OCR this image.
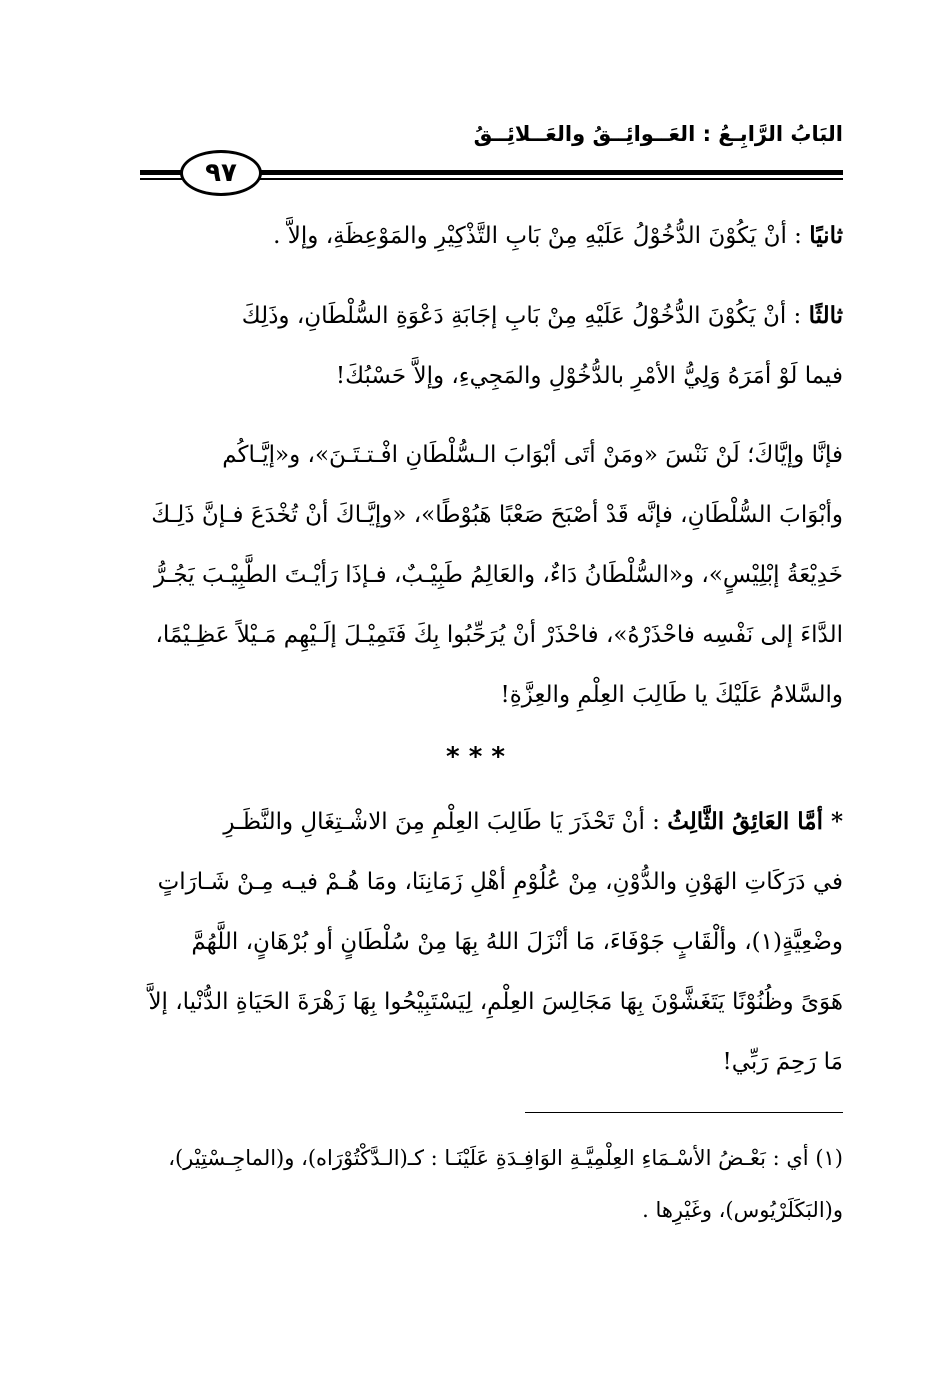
البَابُ الرَّابِـعُ : العَــوائِــقُ والعَــلائِــقُ
٩٧
ثانيًا : أنْ يَكُوْنَ الدُّخُوْلُ عَلَيْهِ مِنْ بَابِ التَّذْكِيْرِ والمَوْعِظَةِ، وإلاَّ .
ثالثًا : أنْ يَكُوْنَ الدُّخُوْلُ عَلَيْهِ مِنْ بَابِ إجَابَةِ دَعْوَةِ السُّلْطَانِ، وذَلِكَ
فيما لَوْ أمَرَهُ وَلِيُّ الأمْرِ بالدُّخُوْلِ والمَجِيءِ، وإلاَّ حَسْبُكَ!
فإنَّا وإيَّاكَ؛ لَنْ نَنْسَ «ومَنْ أتَى أبْوَابَ الـسُّلْطَانِ افْـتـتَـنَ»، و«إيَّـاكُم
وأبْوَابَ السُّلْطَانِ، فإنَّه قَدْ أصْبَحَ صَعْبًا هَبُوْطًا»، «وإيَّـاكَ أنْ تُخْدَعَ فـإنَّ ذَلِـكَ
خَدِيْعَةُ إبْلِيْسٍ»، و«السُّلْطَانُ دَاءٌ، والعَالِمُ طَبِيْـبٌ، فـإذَا رَأيْـتَ الطَّبِيْـبَ يَجُـرُّ
الدَّاءَ إلى نَفْسِه فاحْذَرْهُ»، فاحْذَرْ أنْ يُرَحِّبُوا بِكَ فَتَمِيْـلَ إلَـيْهِم مَـيْلاً عَظِـيْمًا،
والسَّلامُ عَلَيْكَ يا طَالِبَ العِلْمِ والعِزَّةِ!
* * *
* أمَّا العَائِقُ الثَّالِثُ : أنْ تَحْذَرَ يَا طَالِبَ العِلْمِ مِنَ الاشْـتِغَالِ والنَّظَـرِ
في دَرَكَاتِ الهَوْنِ والدُّوْنِ، مِنْ عُلُوْمِ أهْلِ زَمَانِنَا، ومَا هُـمْ فيـه مِـنْ شَـارَاتٍ
وضْعِيَّةٍ(١)، وألْقَابٍ جَوْفَاءَ، مَا أنْزَلَ اللهُ بِهَا مِنْ سُلْطَانٍ أو بُرْهَانٍ، اللَّهُمَّ
هَوَىً وظُنُوْنًا يَتَغَشَّوْنَ بِهَا مَجَالِسَ العِلْمِ، لِيَسْتَبِيْحُوا بِهَا زَهْرَةَ الحَيَاةِ الدُّنْيا، إلاَّ
مَا رَحِمَ رَبِّي!
(١) أي : بَعْـضُ الأسْـمَاءِ العِلْمِيَّـةِ الوَافِـدَةِ عَلَيْنَـا : كـ(الـدَّكْتُوْرَاه)، و(الماجِـسْتِيْر)،
و(البَكَلَرْيُوس)، وغَيْرِها .
